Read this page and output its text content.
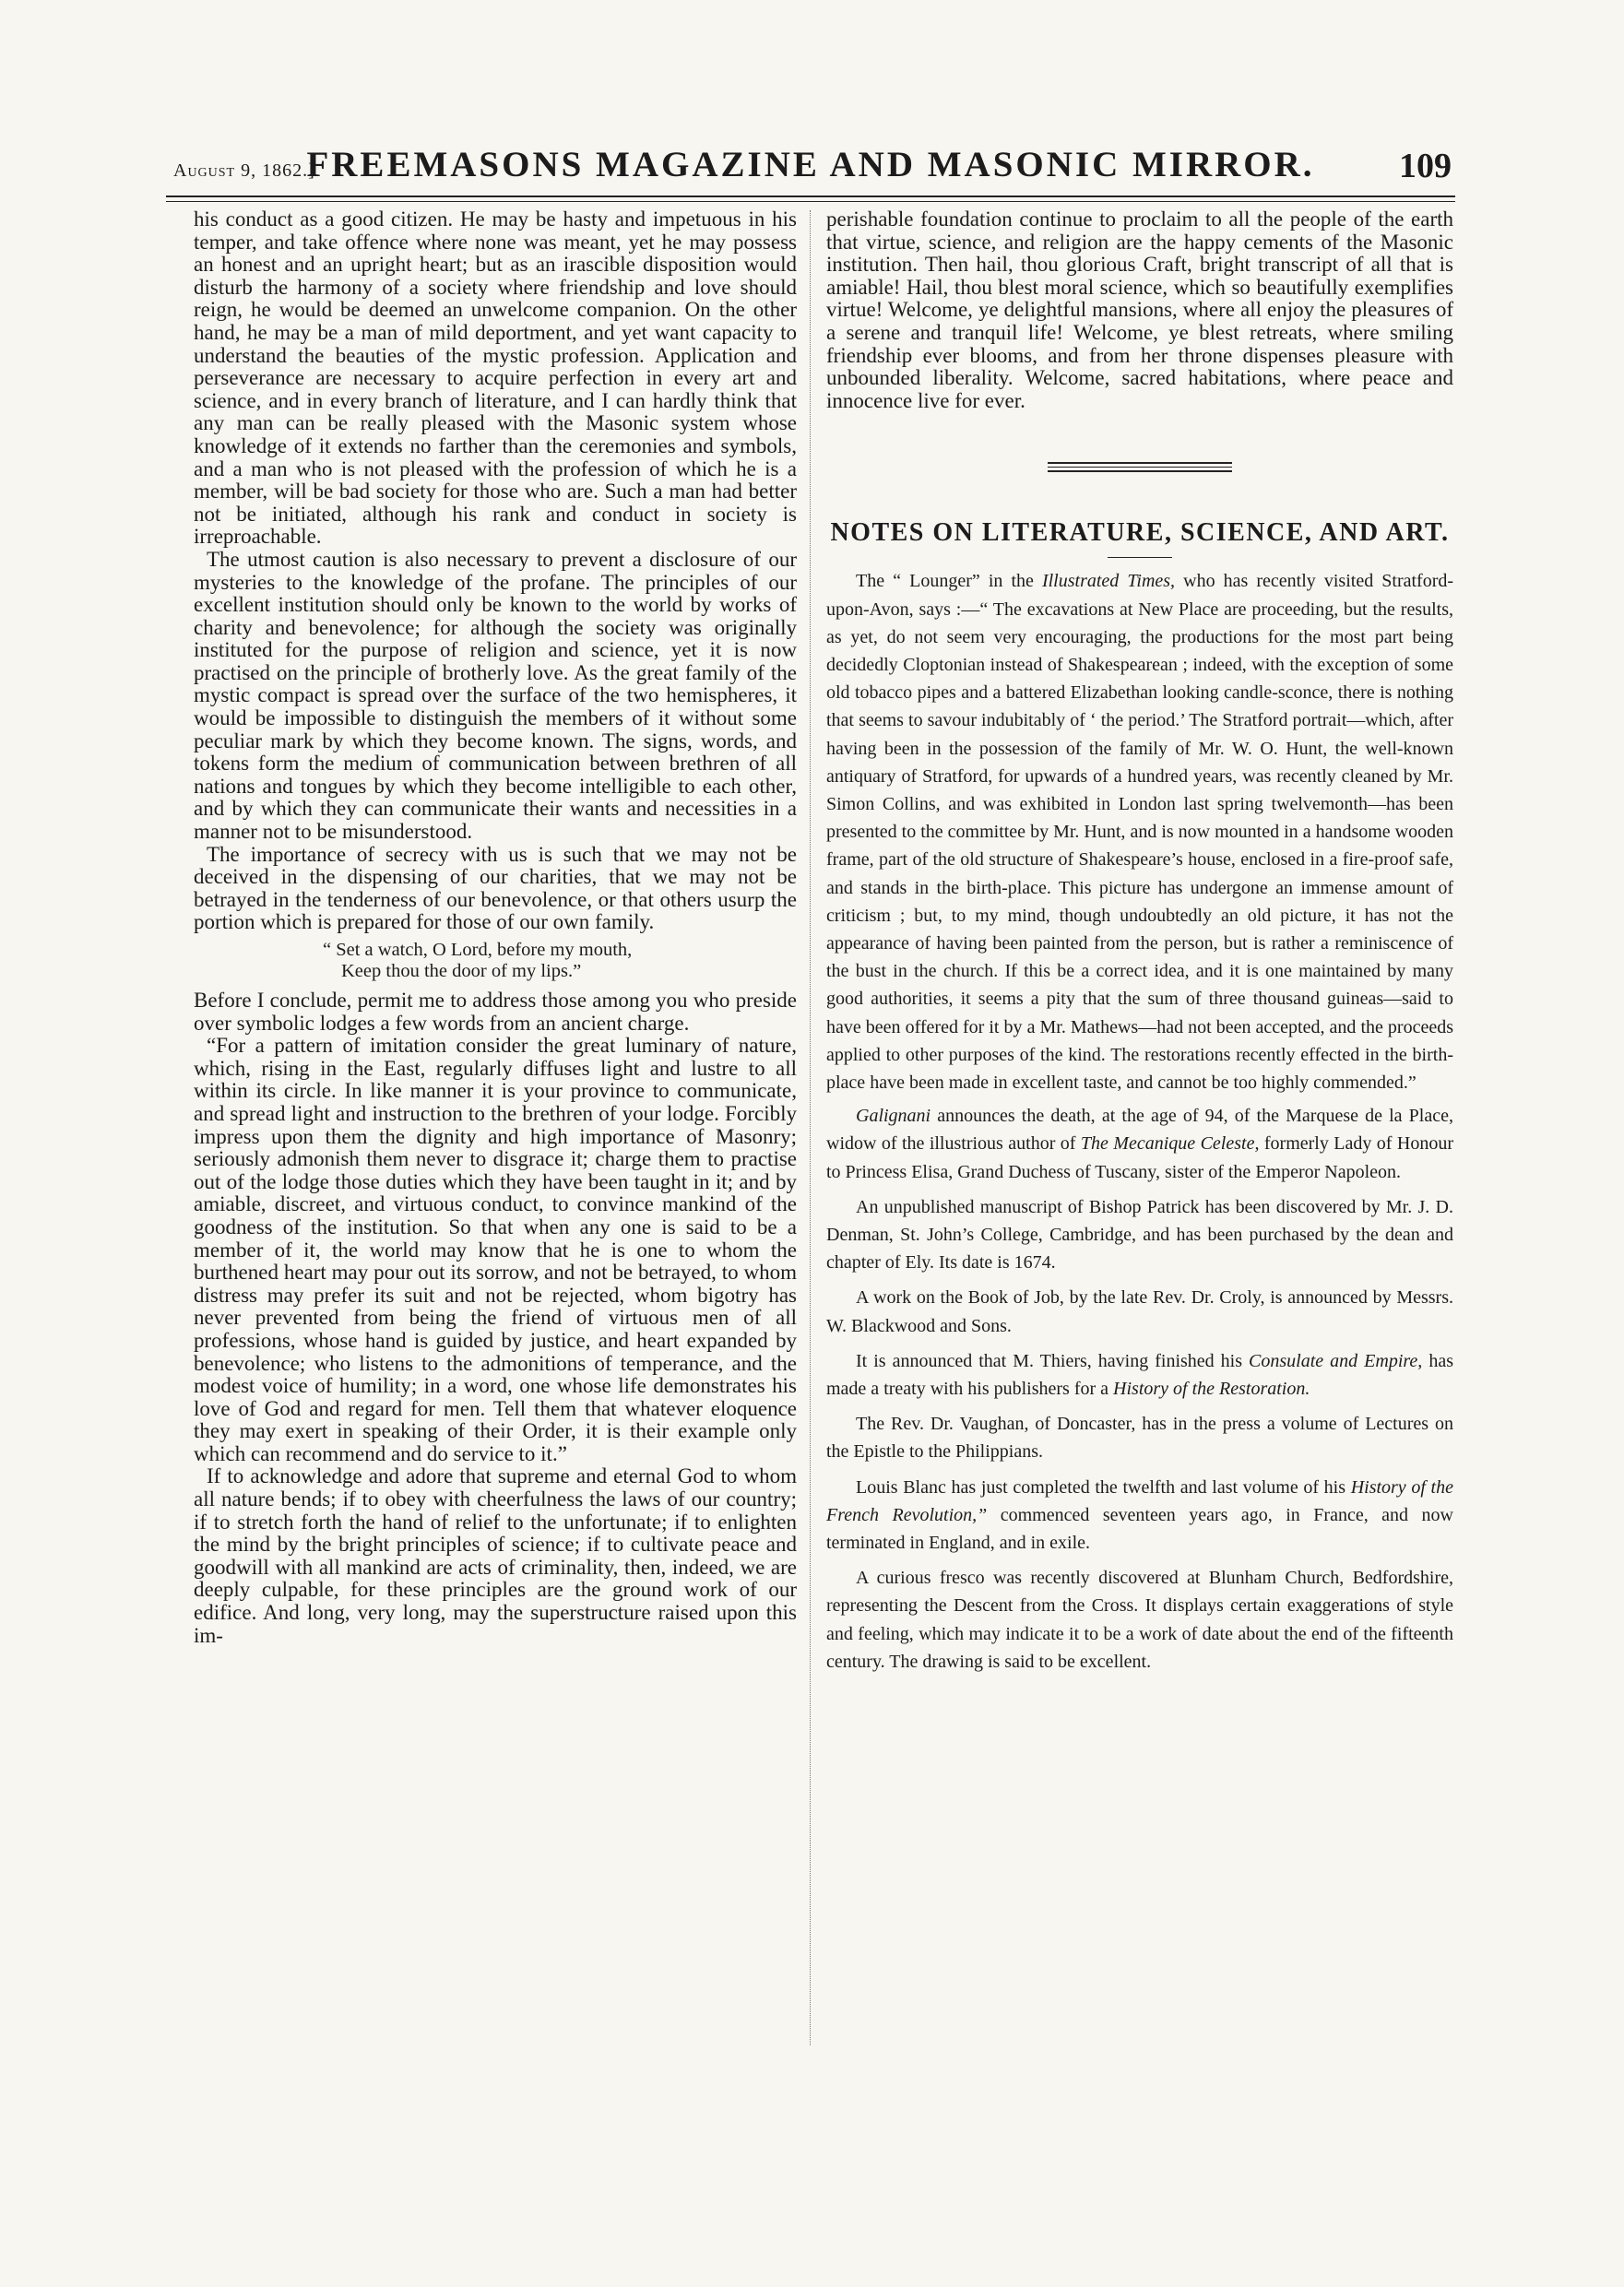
August 9, 1862.]
FREEMASONS MAGAZINE AND MASONIC MIRROR.	109

his conduct as a good citizen. He may be hasty and impetuous in his temper, and take offence where none was meant, yet he may possess an honest and an upright heart; but as an irascible disposition would disturb the harmony of a society where friendship and love should reign, he would be deemed an unwelcome companion. On the other hand, he may be a man of mild deportment, and yet want capacity to understand the beauties of the mystic profession. Application and perseverance are necessary to acquire perfection in every art and science, and in every branch of literature, and I can hardly think that any man can be really pleased with the Masonic system whose knowledge of it extends no farther than the ceremonies and symbols, and a man who is not pleased with the profession of which he is a member, will be bad society for those who are. Such a man had better not be initiated, although his rank and conduct in society is irreproachable.

The utmost caution is also necessary to prevent a disclosure of our mysteries to the knowledge of the profane. The principles of our excellent institution should only be known to the world by works of charity and benevolence; for although the society was originally instituted for the purpose of religion and science, yet it is now practised on the principle of brotherly love. As the great family of the mystic compact is spread over the surface of the two hemispheres, it would be impossible to distinguish the members of it without some peculiar mark by which they become known. The signs, words, and tokens form the medium of communication between brethren of all nations and tongues by which they become intelligible to each other, and by which they can communicate their wants and necessities in a manner not to be misunderstood.

The importance of secrecy with us is such that we may not be deceived in the dispensing of our charities, that we may not be betrayed in the tenderness of our benevolence, or that others usurp the portion which is prepared for those of our own family.

“ Set a watch, O Lord, before my mouth,
Keep thou the door of my lips.”

Before I conclude, permit me to address those among you who preside over symbolic lodges a few words from an ancient charge.

“For a pattern of imitation consider the great luminary of nature, which, rising in the East, regularly diffuses light and lustre to all within its circle. In like manner it is your province to communicate, and spread light and instruction to the brethren of your lodge. Forcibly impress upon them the dignity and high importance of Masonry; seriously admonish them never to disgrace it; charge them to practise out of the lodge those duties which they have been taught in it; and by amiable, discreet, and virtuous conduct, to convince mankind of the goodness of the institution. So that when any one is said to be a member of it, the world may know that he is one to whom the burthened heart may pour out its sorrow, and not be betrayed, to whom distress may prefer its suit and not be rejected, whom bigotry has never prevented from being the friend of virtuous men of all professions, whose hand is guided by justice, and heart expanded by benevolence; who listens to the admonitions of temperance, and the modest voice of humility; in a word, one whose life demonstrates his love of God and regard for men. Tell them that whatever eloquence they may exert in speaking of their Order, it is their example only which can recommend and do service to it.”

If to acknowledge and adore that supreme and eternal God to whom all nature bends; if to obey with cheerfulness the laws of our country; if to stretch forth the hand of relief to the unfortunate; if to enlighten the mind by the bright principles of science; if to cultivate peace and goodwill with all mankind are acts of criminality, then, indeed, we are deeply culpable, for these principles are the ground work of our edifice. And long, very long, may the superstructure raised upon this im-

perishable foundation continue to proclaim to all the people of the earth that virtue, science, and religion are the happy cements of the Masonic institution. Then hail, thou glorious Craft, bright transcript of all that is amiable! Hail, thou blest moral science, which so beautifully exemplifies virtue! Welcome, ye delightful mansions, where all enjoy the pleasures of a serene and tranquil life! Welcome, ye blest retreats, where smiling friendship ever blooms, and from her throne dispenses pleasure with unbounded liberality. Welcome, sacred habitations, where peace and innocence live for ever.

NOTES ON LITERATURE, SCIENCE, AND ART.

The “ Lounger” in the Illustrated Times, who has recently visited Stratford-upon-Avon, says :—“ The excavations at New Place are proceeding, but the results, as yet, do not seem very encouraging, the productions for the most part being decidedly Cloptonian instead of Shakespearean ; indeed, with the exception of some old tobacco pipes and a battered Elizabethan looking candle-sconce, there is nothing that seems to savour indubitably of ‘ the period.’ The Stratford portrait—which, after having been in the possession of the family of Mr. W. O. Hunt, the well-known antiquary of Stratford, for upwards of a hundred years, was recently cleaned by Mr. Simon Collins, and was exhibited in London last spring twelvemonth—has been presented to the committee by Mr. Hunt, and is now mounted in a handsome wooden frame, part of the old structure of Shakespeare’s house, enclosed in a fire-proof safe, and stands in the birth-place. This picture has undergone an immense amount of criticism ; but, to my mind, though undoubtedly an old picture, it has not the appearance of having been painted from the person, but is rather a reminiscence of the bust in the church. If this be a correct idea, and it is one maintained by many good authorities, it seems a pity that the sum of three thousand guineas—said to have been offered for it by a Mr. Mathews—had not been accepted, and the proceeds applied to other purposes of the kind. The restorations recently effected in the birth-place have been made in excellent taste, and cannot be too highly commended.”

Galignani announces the death, at the age of 94, of the Marquese de la Place, widow of the illustrious author of The Mecanique Celeste, formerly Lady of Honour to Princess Elisa, Grand Duchess of Tuscany, sister of the Emperor Napoleon.

An unpublished manuscript of Bishop Patrick has been discovered by Mr. J. D. Denman, St. John’s College, Cambridge, and has been purchased by the dean and chapter of Ely. Its date is 1674.

A work on the Book of Job, by the late Rev. Dr. Croly, is announced by Messrs. W. Blackwood and Sons.

It is announced that M. Thiers, having finished his Consulate and Empire, has made a treaty with his publishers for a History of the Restoration.

The Rev. Dr. Vaughan, of Doncaster, has in the press a volume of Lectures on the Epistle to the Philippians.

Louis Blanc has just completed the twelfth and last volume of his History of the French Revolution,” commenced seventeen years ago, in France, and now terminated in England, and in exile.

A curious fresco was recently discovered at Blunham Church, Bedfordshire, representing the Descent from the Cross. It displays certain exaggerations of style and feeling, which may indicate it to be a work of date about the end of the fifteenth century. The drawing is said to be excellent.
